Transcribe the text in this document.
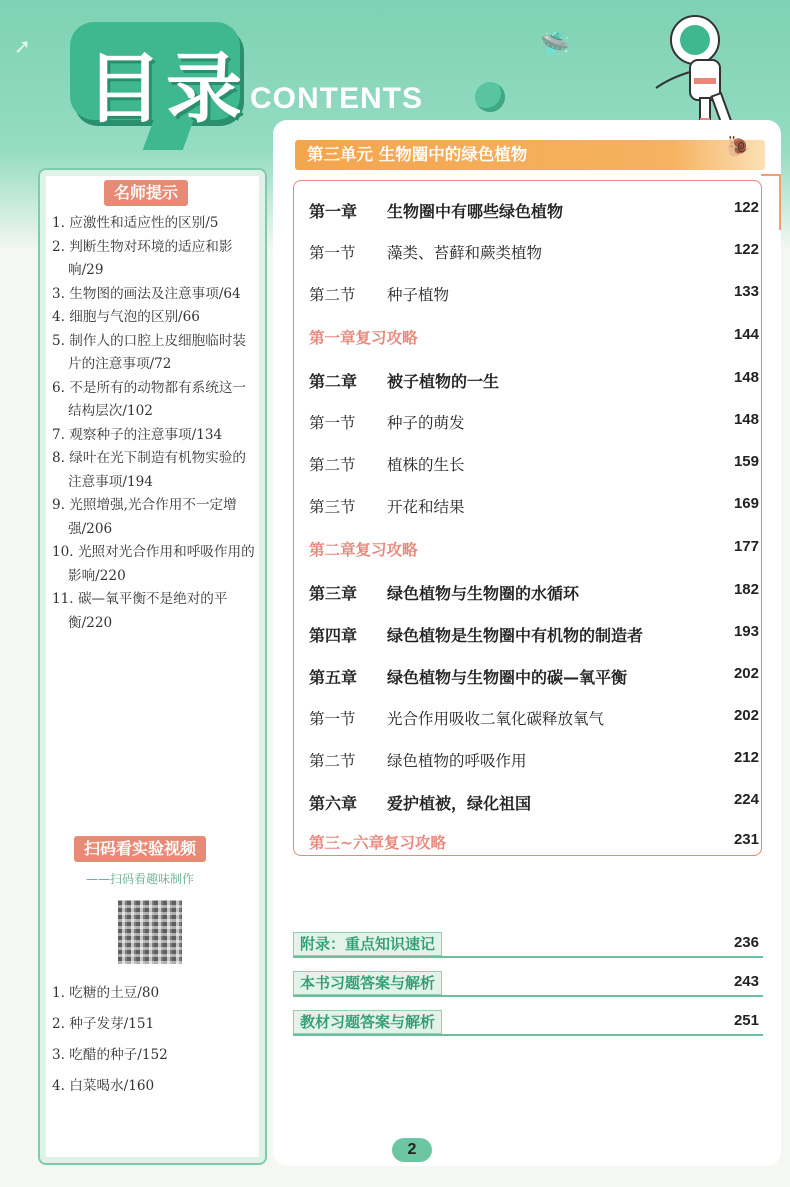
➚	🛸
目录 CONTENTS
名师提示
1. 应激性和适应性的区别/5
2. 判断生物对环境的适应和影响/29
3. 生物图的画法及注意事项/64
4. 细胞与气泡的区别/66
5. 制作人的口腔上皮细胞临时装片的注意事项/72
6. 不是所有的动物都有系统这一结构层次/102
7. 观察种子的注意事项/134
8. 绿叶在光下制造有机物实验的注意事项/194
9. 光照增强,光合作用不一定增强/206
10. 光照对光合作用和呼吸作用的影响/220
11. 碳—氧平衡不是绝对的平衡/220
扫码看实验视频
——扫码看趣味制作
1. 吃糖的土豆/80
2. 种子发芽/151
3. 吃醋的种子/152
4. 白菜喝水/160
第三单元 生物圈中的绿色植物	🐌
第一章 生物圈中有哪些绿色植物	122
第一节 藻类、苔藓和蕨类植物	122
第二节 种子植物	133
第一章复习攻略	144
第二章 被子植物的一生	148
第一节 种子的萌发	148
第二节 植株的生长	159
第三节 开花和结果	169
第二章复习攻略	177
第三章 绿色植物与生物圈的水循环	182
第四章 绿色植物是生物圈中有机物的制造者	193
第五章 绿色植物与生物圈中的碳—氧平衡	202
第一节 光合作用吸收二氧化碳释放氧气	202
第二节 绿色植物的呼吸作用	212
第六章 爱护植被，绿化祖国	224
第三~六章复习攻略	231
附录：重点知识速记	236
本书习题答案与解析	243
教材习题答案与解析	251
2
